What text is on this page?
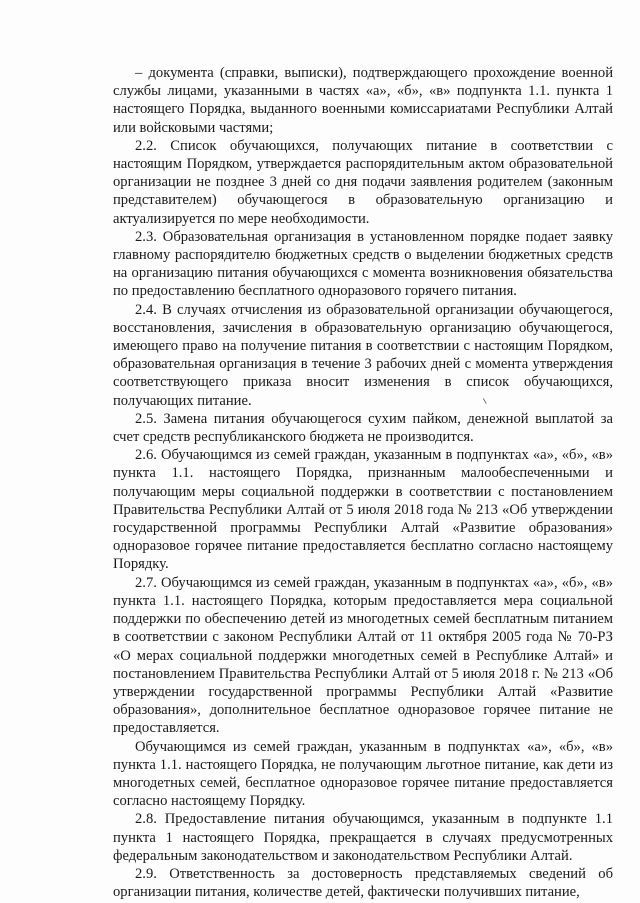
– документа (справки, выписки), подтверждающего прохождение военной службы лицами, указанными в частях «а», «б», «в» подпункта 1.1. пункта 1 настоящего Порядка, выданного военными комиссариатами Республики Алтай или войсковыми частями;

2.2. Список обучающихся, получающих питание в соответствии с настоящим Порядком, утверждается распорядительным актом образовательной организации не позднее 3 дней со дня подачи заявления родителем (законным представителем) обучающегося в образовательную организацию и актуализируется по мере необходимости.

2.3. Образовательная организация в установленном порядке подает заявку главному распорядителю бюджетных средств о выделении бюджетных средств на организацию питания обучающихся с момента возникновения обязательства по предоставлению бесплатного одноразового горячего питания.

2.4. В случаях отчисления из образовательной организации обучающегося, восстановления, зачисления в образовательную организацию обучающегося, имеющего право на получение питания в соответствии с настоящим Порядком, образовательная организация в течение 3 рабочих дней с момента утверждения соответствующего приказа вносит изменения в список обучающихся, получающих питание.

2.5. Замена питания обучающегося сухим пайком, денежной выплатой за счет средств республиканского бюджета не производится.

2.6. Обучающимся из семей граждан, указанным в подпунктах «а», «б», «в» пункта 1.1. настоящего Порядка, признанным малообеспеченными и получающим меры социальной поддержки в соответствии с постановлением Правительства Республики Алтай от 5 июля 2018 года № 213 «Об утверждении государственной программы Республики Алтай «Развитие образования» одноразовое горячее питание предоставляется бесплатно согласно настоящему Порядку.

2.7. Обучающимся из семей граждан, указанным в подпунктах «а», «б», «в» пункта 1.1. настоящего Порядка, которым предоставляется мера социальной поддержки по обеспечению детей из многодетных семей бесплатным питанием в соответствии с законом Республики Алтай от 11 октября 2005 года № 70-РЗ «О мерах социальной поддержки многодетных семей в Республике Алтай» и постановлением Правительства Республики Алтай от 5 июля 2018 г. № 213 «Об утверждении государственной программы Республики Алтай «Развитие образования», дополнительное бесплатное одноразовое горячее питание не предоставляется.

Обучающимся из семей граждан, указанным в подпунктах «а», «б», «в» пункта 1.1. настоящего Порядка, не получающим льготное питание, как дети из многодетных семей, бесплатное одноразовое горячее питание предоставляется согласно настоящему Порядку.

2.8. Предоставление питания обучающимся, указанным в подпункте 1.1 пункта 1 настоящего Порядка, прекращается в случаях предусмотренных федеральным законодательством и законодательством Республики Алтай.

2.9. Ответственность за достоверность представляемых сведений об организации питания, количестве детей, фактически получивших питание,
